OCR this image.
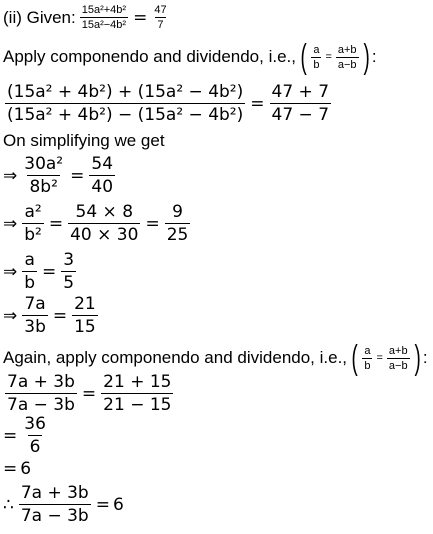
(ii) Given: $\frac{\text{15a²+4b²}}{\text{15a²−4b²}} = \frac{47}{7}$
Apply componendo and dividendo, i.e., ( $\frac{a}{b} = \frac{a+b}{a-b}$ ) :
$\frac{\text{(15a² + 4b²) + (15a² − 4b²)}}{\text{(15a² + 4b²) − (15a² − 4b²)}} = \frac{47 + 7}{47 - 7}$
On simplifying we get
⇒ $\frac{\text{30a²}}{\text{8b²}} = \frac{54}{40}$
⇒ $\frac{\text{a²}}{\text{b²}} = \frac{54 \times 8}{40 \times 30} = \frac{9}{25}$
⇒ $\frac{a}{b} = \frac{3}{5}$
⇒ $\frac{7a}{3b} = \frac{21}{15}$
Again, apply componendo and dividendo, i.e., ( $\frac{a}{b} = \frac{a+b}{a-b}$ ) :
$\frac{7a + 3b}{7a - 3b} = \frac{21 + 15}{21 - 15}$
= $\frac{36}{6}$
= 6
∴ $\frac{7a + 3b}{7a - 3b} = 6$
